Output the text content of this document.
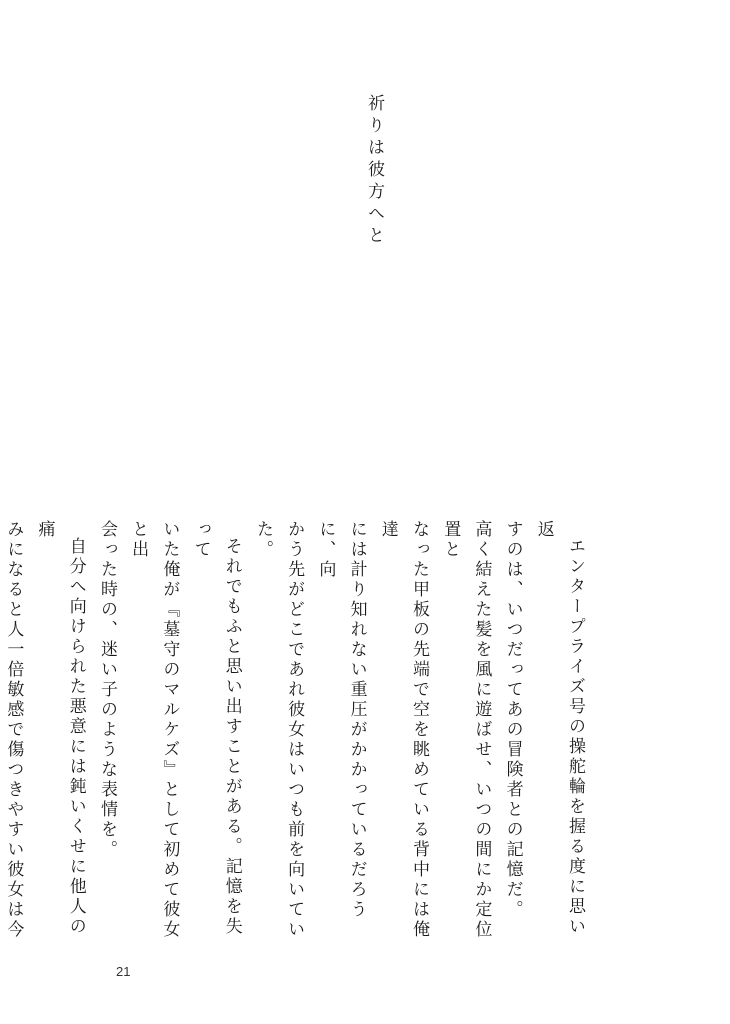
祈りは彼方へと

エンタープライズ号の操舵輪を握る度に思い返
すのは、いつだってあの冒険者との記憶だ。
高く結えた髪を風に遊ばせ、いつの間にか定位置と
なった甲板の先端で空を眺めている背中には俺達
には計り知れない重圧がかかっているだろうに、向
かう先がどこであれ彼女はいつも前を向いていた。

それでもふと思い出すことがある。記憶を失って
いた俺が『墓守のマルケズ』として初めて彼女と出
会った時の、迷い子のような表情を。

自分へ向けられた悪意には鈍いくせに他人の痛
みになると人一倍敏感で傷つきやすい彼女は今

21
